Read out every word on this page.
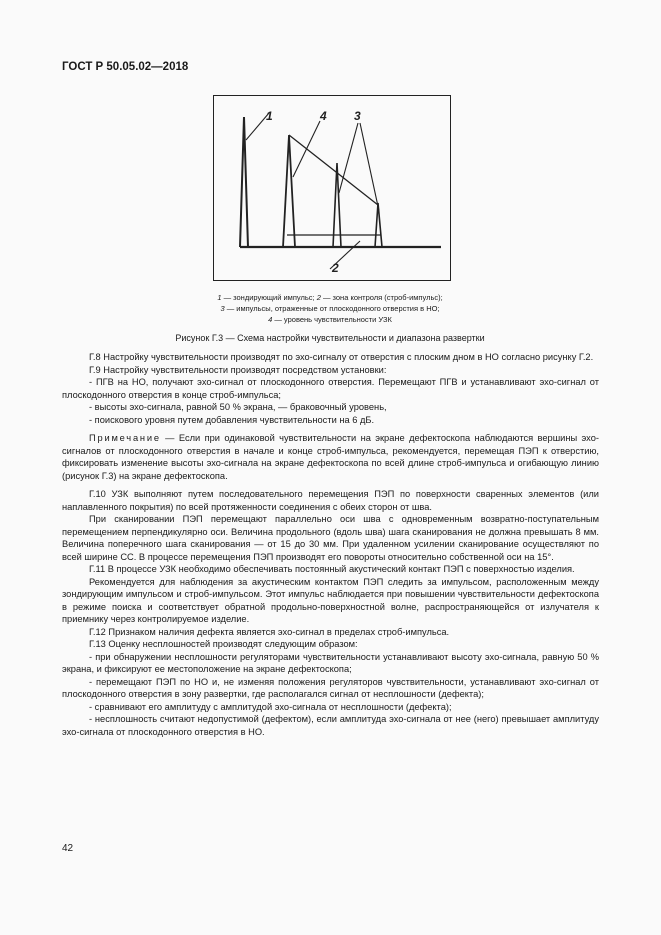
ГОСТ Р 50.05.02—2018
1	4 3
2
1 — зондирующий импульс; 2 — зона контроля (строб-импульс);
3 — импульсы, отраженные от плоскодонного отверстия в НО;
4 — уровень чувствительности УЗК
Рисунок Г.3 — Схема настройки чувствительности и диапазона развертки

Г.8 Настройку чувствительности производят по эхо-сигналу от отверстия с плоским дном в НО согласно рисунку Г.2.

Г.9 Настройку чувствительности производят посредством установки:

- ПГВ на НО, получают эхо-сигнал от плоскодонного отверстия. Перемещают ПГВ и устанавливают эхо-сигнал от плоскодонного отверстия в конце строб-импульса;

- высоты эхо-сигнала, равной 50 % экрана, — браковочный уровень,

- поискового уровня путем добавления чувствительности на 6 дБ.

Примечание — Если при одинаковой чувствительности на экране дефектоскопа наблюдаются вершины эхо-сигналов от плоскодонного отверстия в начале и конце строб-импульса, рекомендуется, перемещая ПЭП к отверстию, фиксировать изменение высоты эхо-сигнала на экране дефектоскопа по всей длине строб-импульса и огибающую линию (рисунок Г.3) на экране дефектоскопа.

Г.10 УЗК выполняют путем последовательного перемещения ПЭП по поверхности сваренных элементов (или наплавленного покрытия) по всей протяженности соединения с обеих сторон от шва.

При сканировании ПЭП перемещают параллельно оси шва с одновременным возвратно-поступательным перемещением перпендикулярно оси. Величина продольного (вдоль шва) шага сканирования не должна превышать 8 мм. Величина поперечного шага сканирования — от 15 до 30 мм. При удаленном усилении сканирование осуществляют по всей ширине СС. В процессе перемещения ПЭП производят его повороты относительно собственной оси на 15°.

Г.11 В процессе УЗК необходимо обеспечивать постоянный акустический контакт ПЭП с поверхностью изделия.

Рекомендуется для наблюдения за акустическим контактом ПЭП следить за импульсом, расположенным между зондирующим импульсом и строб-импульсом. Этот импульс наблюдается при повышении чувствительности дефектоскопа в режиме поиска и соответствует обратной продольно-поверхностной волне, распространяющейся от излучателя к приемнику через контролируемое изделие.

Г.12 Признаком наличия дефекта является эхо-сигнал в пределах строб-импульса.

Г.13 Оценку несплошностей производят следующим образом:

- при обнаружении несплошности регуляторами чувствительности устанавливают высоту эхо-сигнала, равную 50 % экрана, и фиксируют ее местоположение на экране дефектоскопа;

- перемещают ПЭП по НО и, не изменяя положения регуляторов чувствительности, устанавливают эхо-сигнал от плоскодонного отверстия в зону развертки, где располагался сигнал от несплошности (дефекта);

- сравнивают его амплитуду с амплитудой эхо-сигнала от несплошности (дефекта);

- несплошность считают недопустимой (дефектом), если амплитуда эхо-сигнала от нее (него) превышает амплитуду эхо-сигнала от плоскодонного отверстия в НО.

42
